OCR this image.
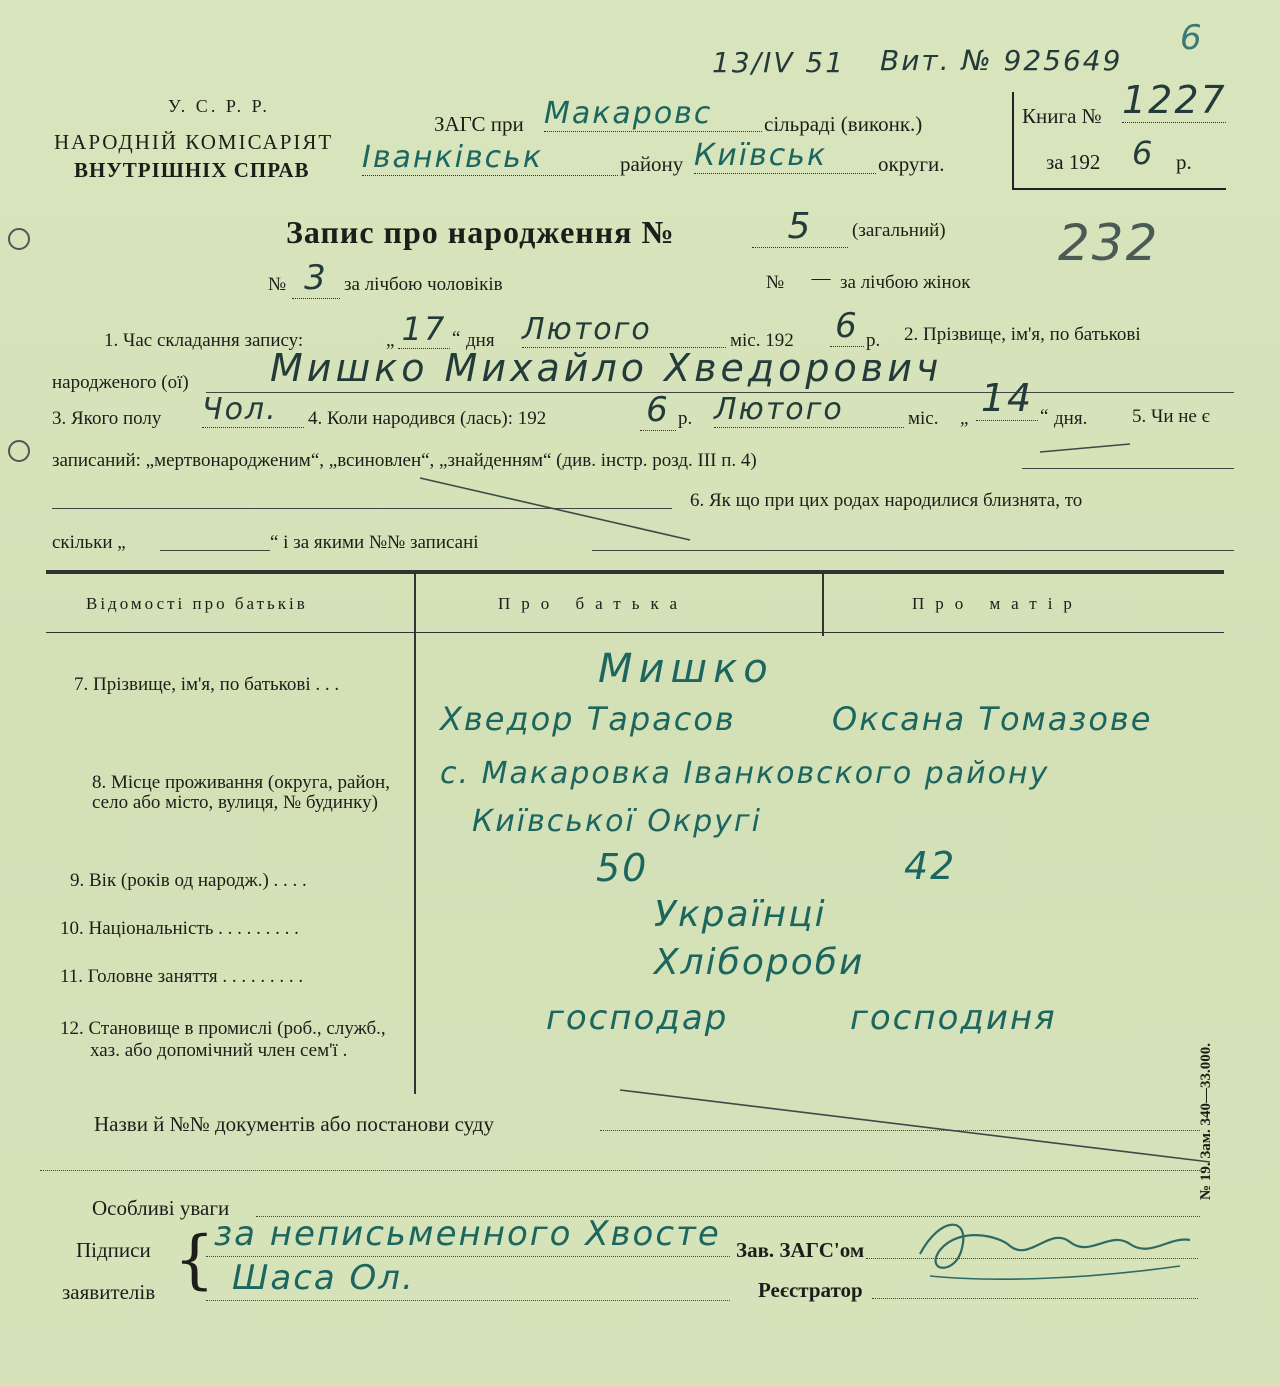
13/IV 51 Вит. № 925649
6
У. С. Р. Р.
НАРОДНІЙ КОМІСАРІЯТ
ВНУТРІШНІХ СПРАВ
ЗАГС при Макаровс	сільраді (виконк.)
Іванківськ	району Київськ	округи.
Книга № 1227
за 192 6 р.
Запис про народження №	5	(загальний) 232
№ 3 за лічбою чоловіків	№	— за лічбою жінок
1. Час складання запису:	„ 17 “ дня Лютого	міс. 192 6 р. 2. Прізвище, ім'я, по батькові
народженого (ої) Мишко Михайло Хведорович
3. Якого полу Чол.	4. Коли народився (лась): 192	6 р. Лютого	міс. „ 14 “ дня. 5. Чи не є
записаний: „мертвонародженим“, „всиновлен“, „знайденням“ (див. інстр. розд. III п. 4)
6. Як що при цих родах народилися близнята, то
скільки „	“ і за якими №№ записані
Відомості про батьків	Про батька	Про матір
7. Прізвище, ім'я, по батькові . . .	Мишко
Хведор Тарасов	Оксана Томазове
8. Місце проживання (округа, район,
село або місто, вулиця, № будинку)
с. Макаровка Іванковского району
Київської Округі
9. Вік (років од народж.) . . . .	50	42
10. Національність . . . . . . . . .	Українці
11. Головне заняття . . . . . . . . .	Хлібороби
12. Становище в промислі (роб., служб.,
хаз. або допомічний член сем'ї .
господар	господиня
Назви й №№ документів або постанови суду
Особливі уваги
Підписи
заявителів { за неписьменного Хвосте
Шаса Ол.
Зав. ЗАГС'ом
Реєстратор
№ 19. Зам. 340—33.000.
